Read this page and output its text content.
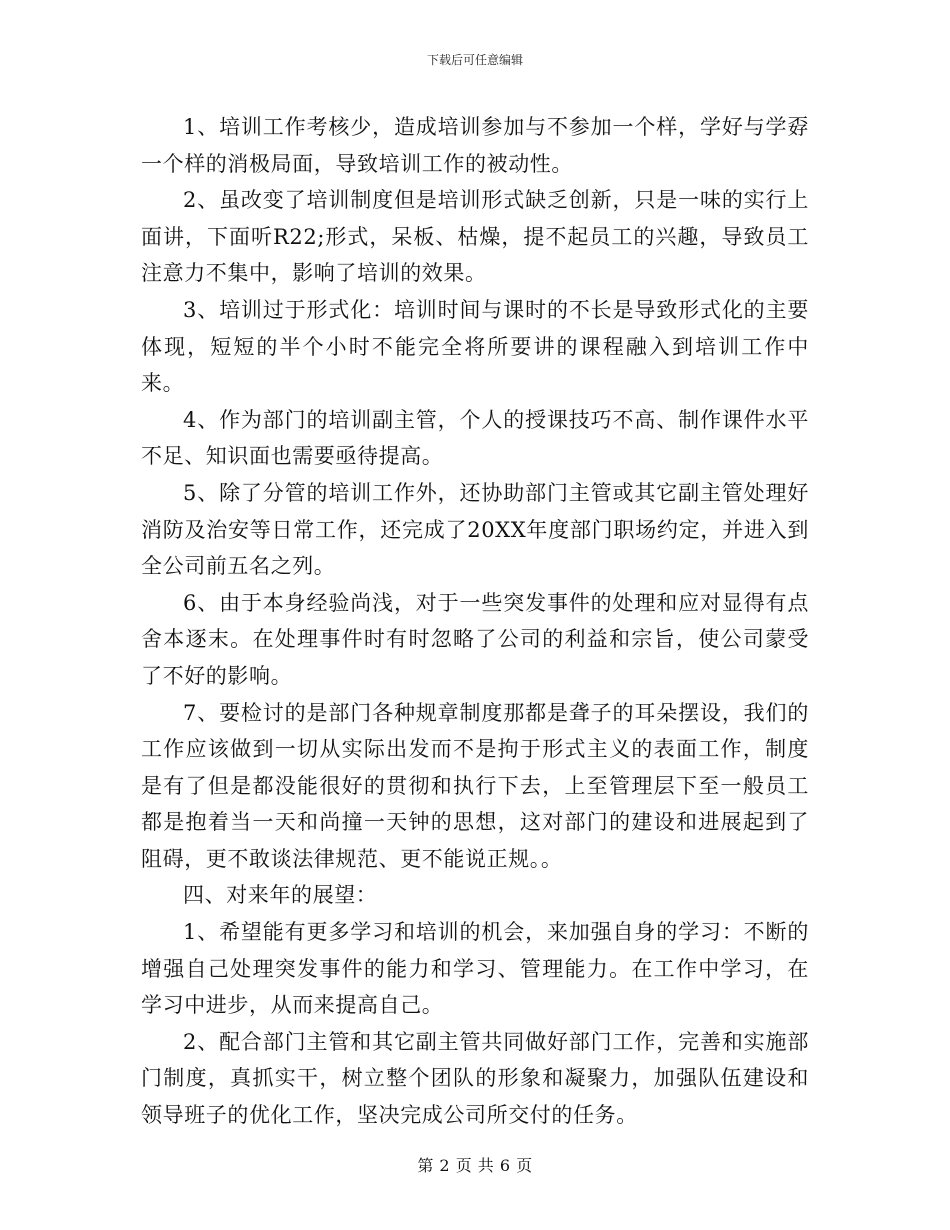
下载后可任意编辑

1、培训工作考核少，造成培训参加与不参加一个样，学好与学孬一个样的消极局面，导致培训工作的被动性。

2、虽改变了培训制度但是培训形式缺乏创新，只是一味的实行上面讲，下面听R22;形式，呆板、枯燥，提不起员工的兴趣，导致员工注意力不集中，影响了培训的效果。

3、培训过于形式化：培训时间与课时的不长是导致形式化的主要体现，短短的半个小时不能完全将所要讲的课程融入到培训工作中来。

4、作为部门的培训副主管，个人的授课技巧不高、制作课件水平不足、知识面也需要亟待提高。

5、除了分管的培训工作外，还协助部门主管或其它副主管处理好消防及治安等日常工作，还完成了20XX年度部门职场约定，并进入到全公司前五名之列。

6、由于本身经验尚浅，对于一些突发事件的处理和应对显得有点舍本逐末。在处理事件时有时忽略了公司的利益和宗旨，使公司蒙受了不好的影响。

7、要检讨的是部门各种规章制度那都是聋子的耳朵摆设，我们的工作应该做到一切从实际出发而不是拘于形式主义的表面工作，制度是有了但是都没能很好的贯彻和执行下去，上至管理层下至一般员工都是抱着当一天和尚撞一天钟的思想，这对部门的建设和进展起到了阻碍，更不敢谈法律规范、更不能说正规。。

四、对来年的展望：

1、希望能有更多学习和培训的机会，来加强自身的学习：不断的增强自己处理突发事件的能力和学习、管理能力。在工作中学习，在学习中进步，从而来提高自己。

2、配合部门主管和其它副主管共同做好部门工作，完善和实施部门制度，真抓实干，树立整个团队的形象和凝聚力，加强队伍建设和领导班子的优化工作，坚决完成公司所交付的任务。

第 2 页 共 6 页
